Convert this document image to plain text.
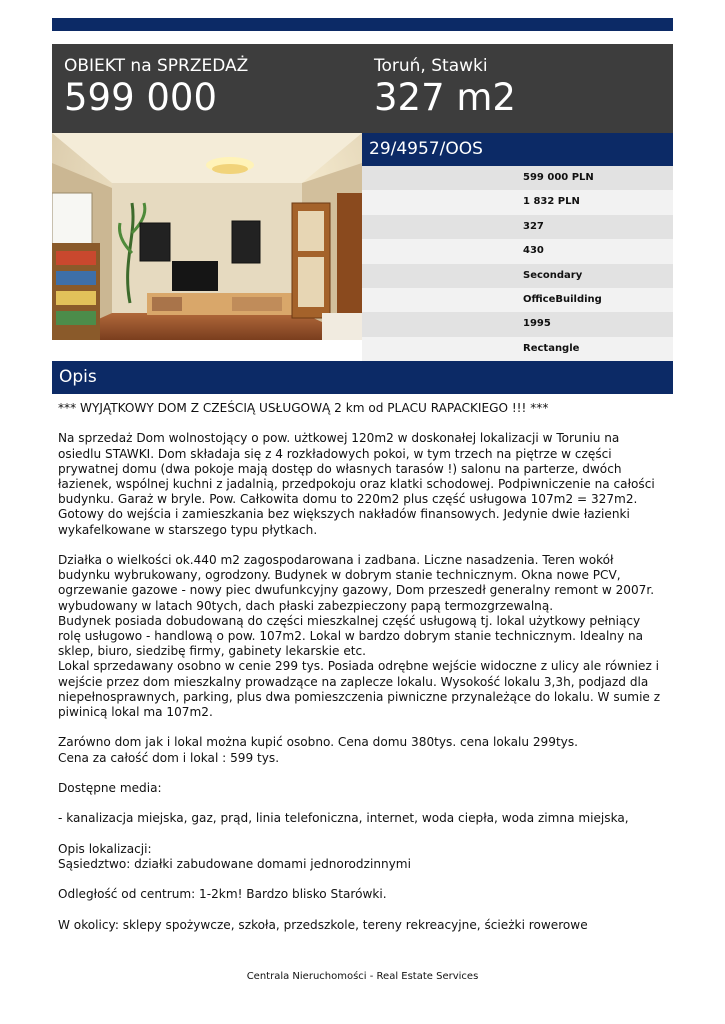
OBIEKT na SPRZEDAŻ
599 000
Toruń, Stawki
327 m2
29/4957/OOS
599 000 PLN
1 832 PLN
327
430
Secondary
OfficeBuilding
1995
Rectangle
Opis

*** WYJĄTKOWY DOM Z CZEŚCIĄ USŁUGOWĄ 2 km od PLACU RAPACKIEGO !!! ***

Na sprzedaż Dom wolnostojący o pow. użtkowej 120m2 w doskonałej lokalizacji w Toruniu na
osiedlu STAWKI. Dom składaja się z 4 rozkładowych pokoi, w tym trzech na piętrze w części
prywatnej domu (dwa pokoje mają dostęp do własnych tarasów !) salonu na parterze, dwóch
łazienek, wspólnej kuchni z jadalnią, przedpokoju oraz klatki schodowej. Podpiwniczenie na całości
budynku. Garaż w bryle. Pow. Całkowita domu to 220m2 plus część usługowa 107m2 = 327m2.
Gotowy do wejścia i zamieszkania bez większych nakładów finansowych. Jedynie dwie łazienki
wykafelkowane w starszego typu płytkach.

Działka o wielkości ok.440 m2 zagospodarowana i zadbana. Liczne nasadzenia. Teren wokół
budynku wybrukowany, ogrodzony. Budynek w dobrym stanie technicznym. Okna nowe PCV,
ogrzewanie gazowe - nowy piec dwufunkcyjny gazowy, Dom przeszedł generalny remont w 2007r.
wybudowany w latach 90tych, dach płaski zabezpieczony papą termozgrzewalną.
Budynek posiada dobudowaną do części mieszkalnej część usługową tj. lokal użytkowy pełniący
rolę usługowo - handlową o pow. 107m2. Lokal w bardzo dobrym stanie technicznym. Idealny na
sklep, biuro, siedzibę firmy, gabinety lekarskie etc.
Lokal sprzedawany osobno w cenie 299 tys. Posiada odrębne wejście widoczne z ulicy ale równiez i
wejście przez dom mieszkalny prowadzące na zaplecze lokalu. Wysokość lokalu 3,3h, podjazd dla
niepełnosprawnych, parking, plus dwa pomieszczenia piwniczne przynależące do lokalu. W sumie z
piwinicą lokal ma 107m2.

Zarówno dom jak i lokal można kupić osobno. Cena domu 380tys. cena lokalu 299tys.
Cena za całość dom i lokal : 599 tys.

Dostępne media:

- kanalizacja miejska, gaz, prąd, linia telefoniczna, internet, woda ciepła, woda zimna miejska,

Opis lokalizacji:
Sąsiedztwo: działki zabudowane domami jednorodzinnymi

Odległość od centrum: 1-2km! Bardzo blisko Starówki.

W okolicy: sklepy spożywcze, szkoła, przedszkole, tereny rekreacyjne, ścieżki rowerowe

Centrala Nieruchomości - Real Estate Services
